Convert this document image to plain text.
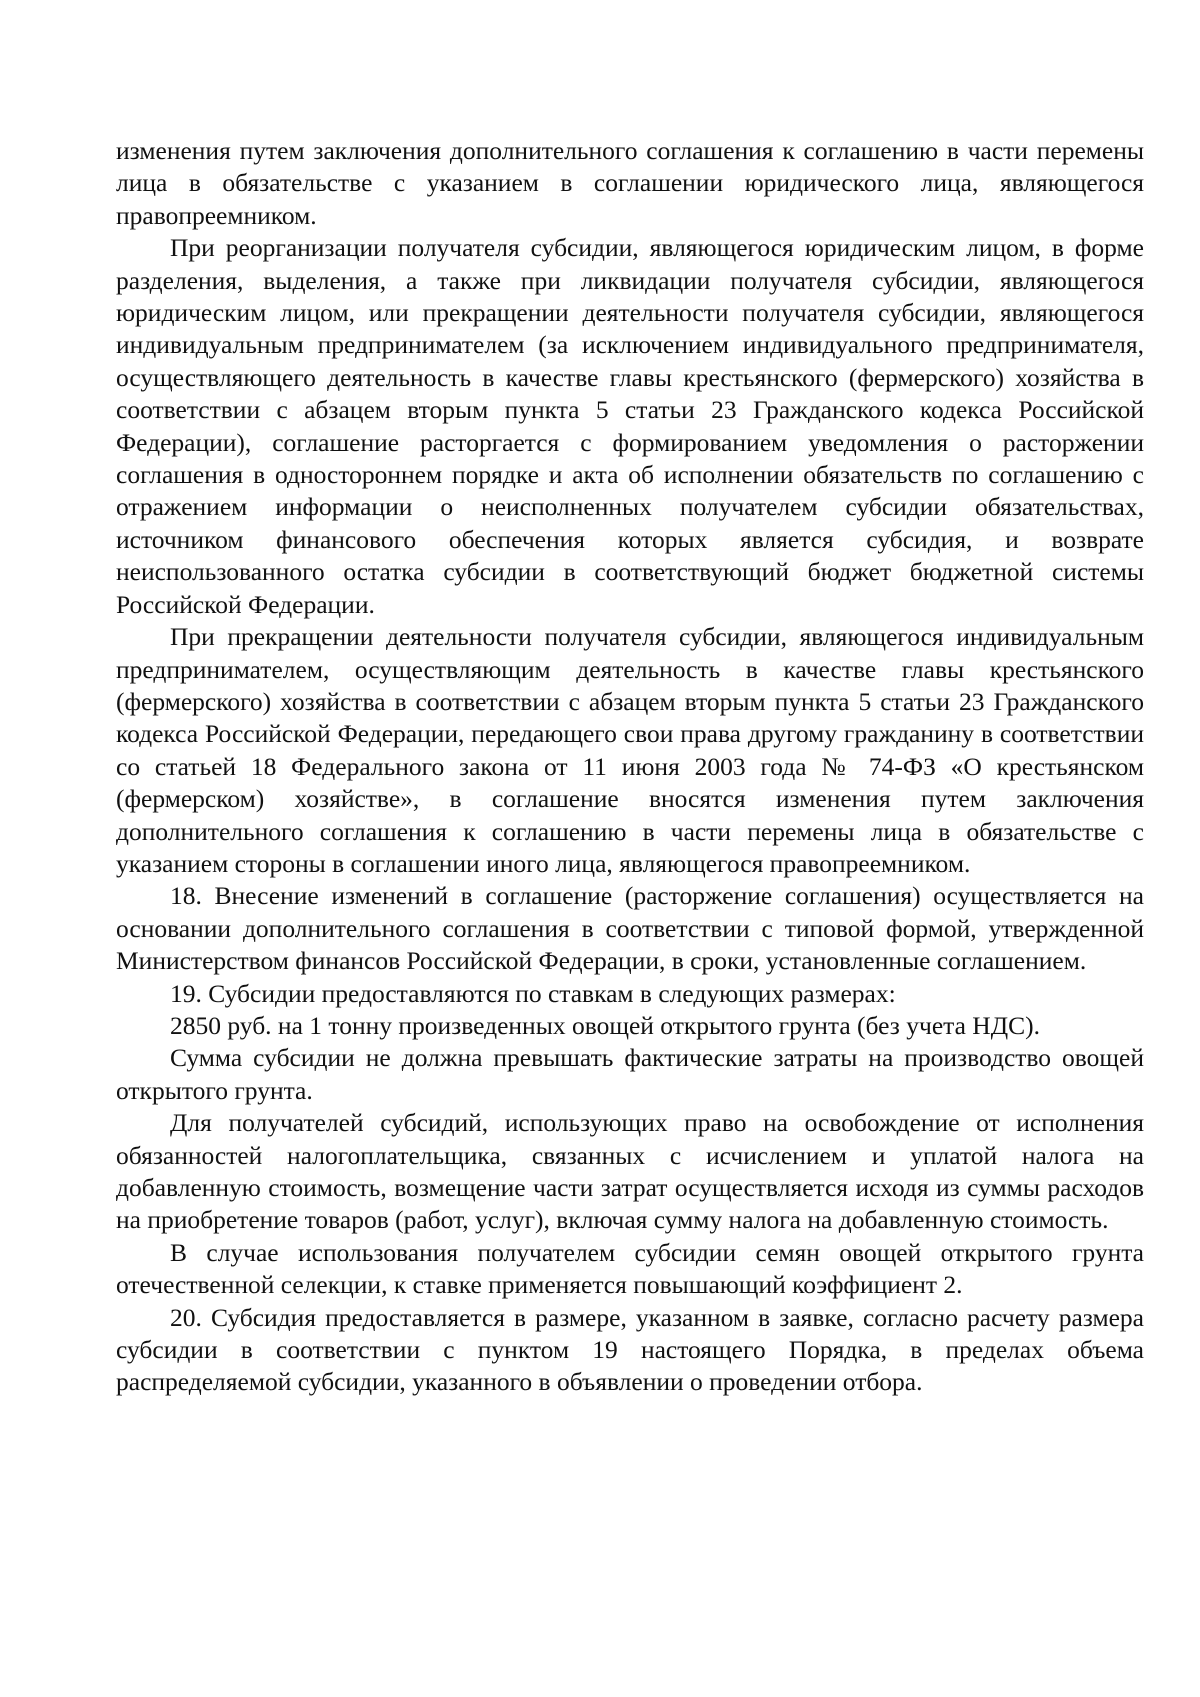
изменения путем заключения дополнительного соглашения к соглашению в части перемены лица в обязательстве с указанием в соглашении юридического лица, являющегося правопреемником.

При реорганизации получателя субсидии, являющегося юридическим лицом, в форме разделения, выделения, а также при ликвидации получателя субсидии, являющегося юридическим лицом, или прекращении деятельности получателя субсидии, являющегося индивидуальным предпринимателем (за исключением индивидуального предпринимателя, осуществляющего деятельность в качестве главы крестьянского (фермерского) хозяйства в соответствии с абзацем вторым пункта 5 статьи 23 Гражданского кодекса Российской Федерации), соглашение расторгается с формированием уведомления о расторжении соглашения в одностороннем порядке и акта об исполнении обязательств по соглашению с отражением информации о неисполненных получателем субсидии обязательствах, источником финансового обеспечения которых является субсидия, и возврате неиспользованного остатка субсидии в соответствующий бюджет бюджетной системы Российской Федерации.

При прекращении деятельности получателя субсидии, являющегося индивидуальным предпринимателем, осуществляющим деятельность в качестве главы крестьянского (фермерского) хозяйства в соответствии с абзацем вторым пункта 5 статьи 23 Гражданского кодекса Российской Федерации, передающего свои права другому гражданину в соответствии со статьей 18 Федерального закона от 11 июня 2003 года № 74-ФЗ «О крестьянском (фермерском) хозяйстве», в соглашение вносятся изменения путем заключения дополнительного соглашения к соглашению в части перемены лица в обязательстве с указанием стороны в соглашении иного лица, являющегося правопреемником.

18. Внесение изменений в соглашение (расторжение соглашения) осуществляется на основании дополнительного соглашения в соответствии с типовой формой, утвержденной Министерством финансов Российской Федерации, в сроки, установленные соглашением.

19. Субсидии предоставляются по ставкам в следующих размерах:

2850 руб. на 1 тонну произведенных овощей открытого грунта (без учета НДС).

Сумма субсидии не должна превышать фактические затраты на производство овощей открытого грунта.

Для получателей субсидий, использующих право на освобождение от исполнения обязанностей налогоплательщика, связанных с исчислением и уплатой налога на добавленную стоимость, возмещение части затрат осуществляется исходя из суммы расходов на приобретение товаров (работ, услуг), включая сумму налога на добавленную стоимость.

В случае использования получателем субсидии семян овощей открытого грунта отечественной селекции, к ставке применяется повышающий коэффициент 2.

20. Субсидия предоставляется в размере, указанном в заявке, согласно расчету размера субсидии в соответствии с пунктом 19 настоящего Порядка, в пределах объема распределяемой субсидии, указанного в объявлении о проведении отбора.
